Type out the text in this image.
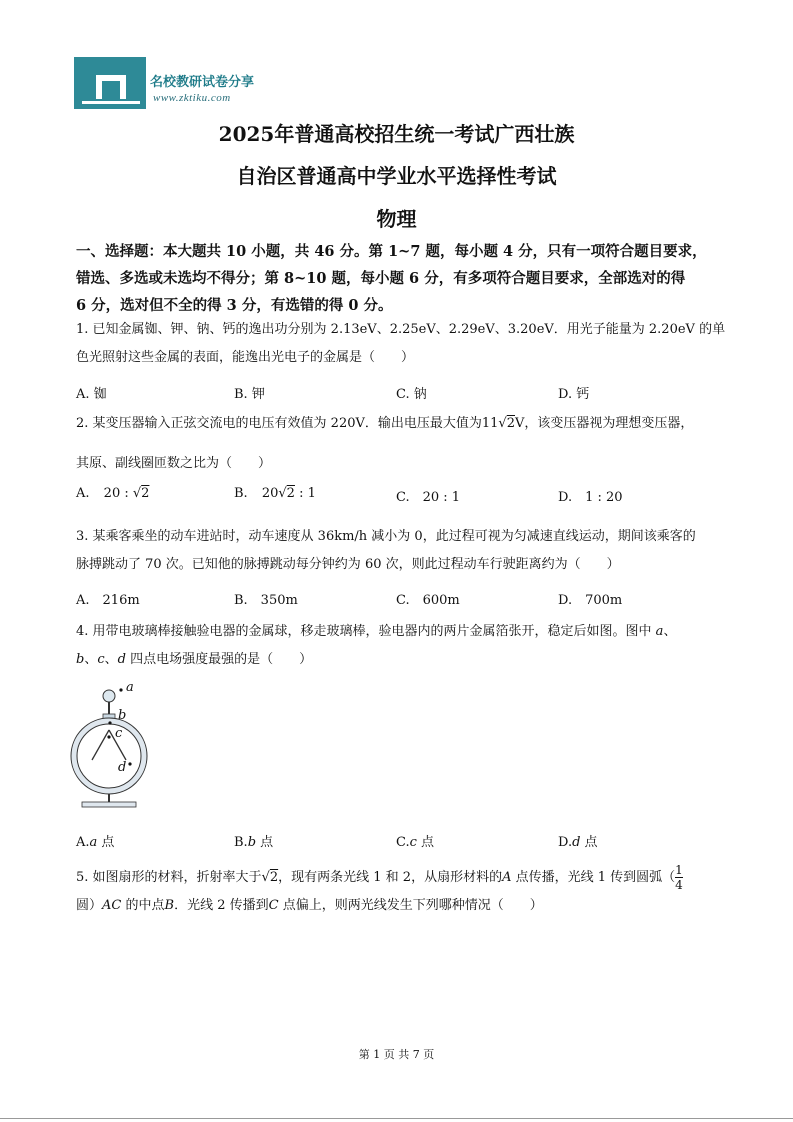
名校教研试卷分享
www.zktiku.com
2025年普通高校招生统一考试广西壮族
自治区普通高中学业水平选择性考试
物理
一、选择题：本大题共 10 小题，共 46 分。第 1~7 题，每小题 4 分，只有一项符合题目要求，
错选、多选或未选均不得分；第 8~10 题，每小题 6 分，有多项符合题目要求，全部选对的得
6 分，选对但不全的得 3 分，有选错的得 0 分。
1. 已知金属铷、钾、钠、钙的逸出功分别为 2.13eV、2.25eV、2.29eV、3.20eV．用光子能量为 2.20eV 的单
色光照射这些金属的表面，能逸出光电子的金属是（　　）
A. 铷	B. 钾	C. 钠	D. 钙
2. 某变压器输入正弦交流电的电压有效值为 220V．输出电压最大值为11√2V，该变压器视为理想变压器，
其原、副线圈匝数之比为（　　）
A. 20 : √2	B. 20√2 : 1	C.　20 : 1	D.　1 : 20
3. 某乘客乘坐的动车进站时，动车速度从 36km/h 减小为 0，此过程可视为匀减速直线运动，期间该乘客的
脉搏跳动了 70 次。已知他的脉搏跳动每分钟约为 60 次，则此过程动车行驶距离约为（　　）
A.　216m	B.　350m	C.　600m	D.　700m
4. 用带电玻璃棒接触验电器的金属球，移走玻璃棒，验电器内的两片金属箔张开，稳定后如图。图中 a、
b、c、d 四点电场强度最强的是（　　）
a
b
c
d
A.a 点	B.b 点	C.c 点	D.d 点
5. 如图扇形的材料，折射率大于√2，现有两条光线 1 和 2，从扇形材料的A 点传播，光线 1 传到圆弧（ $\frac{1}{4}$
圆）AC 的中点B．光线 2 传播到C 点偏上，则两光线发生下列哪种情况（　　）
第 1 页 共 7 页
